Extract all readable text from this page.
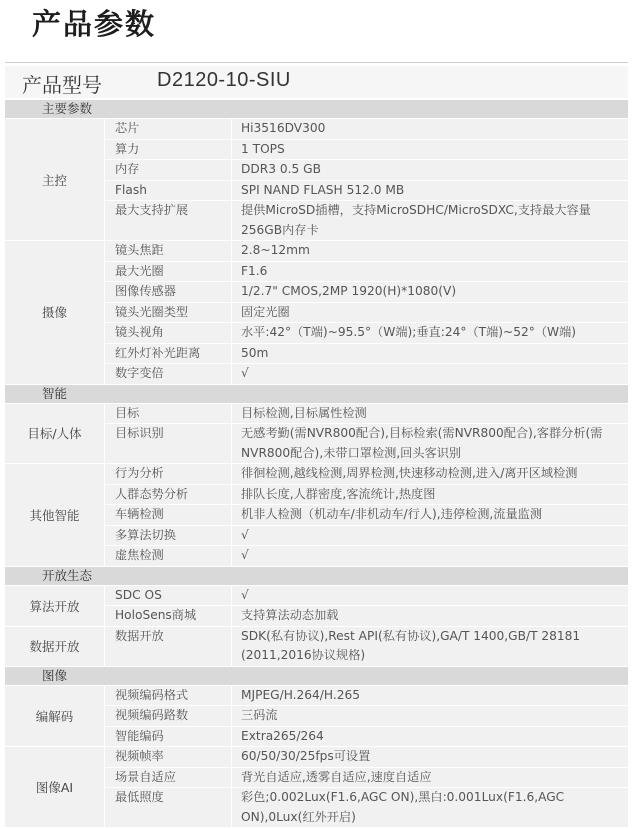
产品参数
产品型号	D2120-10-SIU
主要参数
主控
芯片	Hi3516DV300
算力	1 TOPS
内存	DDR3 0.5 GB
Flash	SPI NAND FLASH 512.0 MB
最大支持扩展	提供MicroSD插槽，支持MicroSDHC/MicroSDXC,支持最大容量256GB内存卡
摄像
镜头焦距	2.8~12mm
最大光圈	F1.6
图像传感器	1/2.7" CMOS,2MP 1920(H)*1080(V)
镜头光圈类型	固定光圈
镜头视角	水平:42°（T端)~95.5°（W端);垂直:24°（T端)~52°（W端)
红外灯补光距离	50m
数字变倍	√
智能
目标/人体
目标	目标检测,目标属性检测
目标识别	无感考勤(需NVR800配合),目标检索(需NVR800配合),客群分析(需NVR800配合),未带口罩检测,回头客识别
其他智能
行为分析	徘徊检测,越线检测,周界检测,快速移动检测,进入/离开区域检测
人群态势分析	排队长度,人群密度,客流统计,热度图
车辆检测	机非人检测（机动车/非机动车/行人),违停检测,流量监测
多算法切换	√
虚焦检测	√
开放生态
算法开放
SDC OS	√
HoloSens商城	支持算法动态加载
数据开放
数据开放	SDK(私有协议),Rest API(私有协议),GA/T 1400,GB/T 28181 (2011,2016协议规格)
图像
编解码
视频编码格式	MJPEG/H.264/H.265
视频编码路数	三码流
智能编码	Extra265/264
图像AI
视频帧率	60/50/30/25fps可设置
场景自适应	背光自适应,透雾自适应,速度自适应
最低照度	彩色;0.002Lux(F1.6,AGC ON),黑白:0.001Lux(F1.6,AGC ON),0Lux(红外开启)
